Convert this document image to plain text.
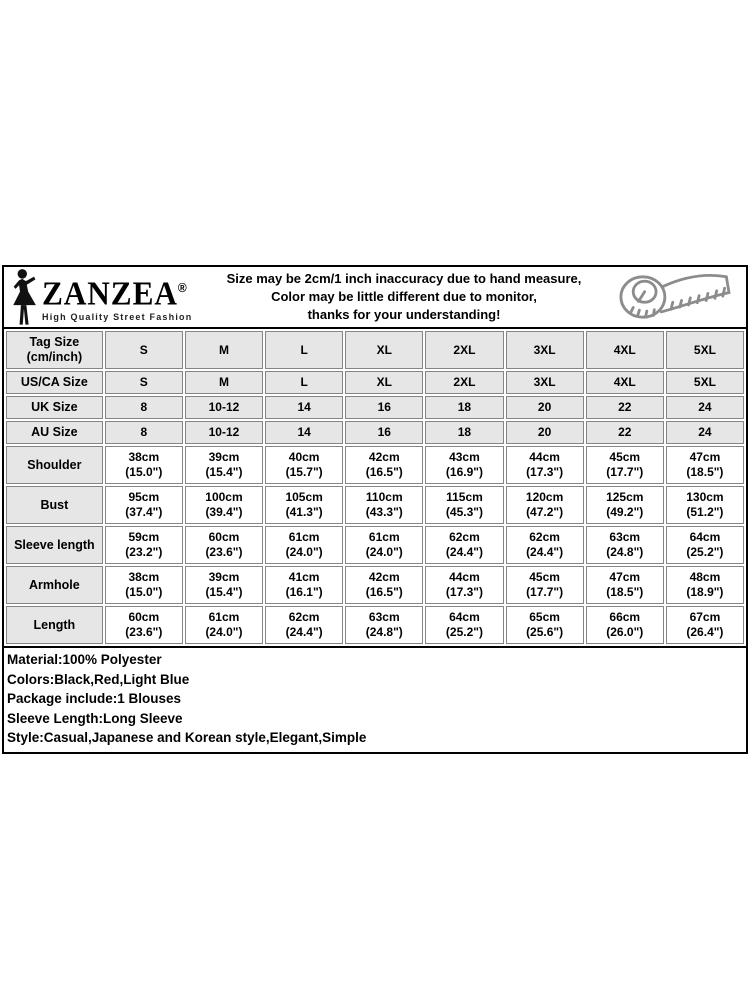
ZANZEA®
High Quality Street Fashion
Size may be 2cm/1 inch inaccuracy due to hand measure,
Color may be little different due to monitor,
thanks for your understanding!
Tag Size
(cm/inch)	S	M	L	XL	2XL	3XL	4XL	5XL
US/CA Size	S	M	L	XL	2XL	3XL	4XL	5XL
UK Size	8	10-12	14	16	18	20	22	24
AU Size	8	10-12	14	16	18	20	22	24
Shoulder	38cm
(15.0")	39cm
(15.4")	40cm
(15.7")	42cm
(16.5")	43cm
(16.9")	44cm
(17.3")	45cm
(17.7")	47cm
(18.5")
Bust	95cm
(37.4")	100cm
(39.4")	105cm
(41.3")	110cm
(43.3")	115cm
(45.3")	120cm
(47.2")	125cm
(49.2")	130cm
(51.2")
Sleeve length	59cm
(23.2")	60cm
(23.6")	61cm
(24.0")	61cm
(24.0")	62cm
(24.4")	62cm
(24.4")	63cm
(24.8")	64cm
(25.2")
Armhole	38cm
(15.0")	39cm
(15.4")	41cm
(16.1")	42cm
(16.5")	44cm
(17.3")	45cm
(17.7")	47cm
(18.5")	48cm
(18.9")
Length	60cm
(23.6")	61cm
(24.0")	62cm
(24.4")	63cm
(24.8")	64cm
(25.2")	65cm
(25.6")	66cm
(26.0")	67cm
(26.4")
Material:100% Polyester
Colors:Black,Red,Light Blue
Package include:1 Blouses
Sleeve Length:Long Sleeve
Style:Casual,Japanese and Korean style,Elegant,Simple
